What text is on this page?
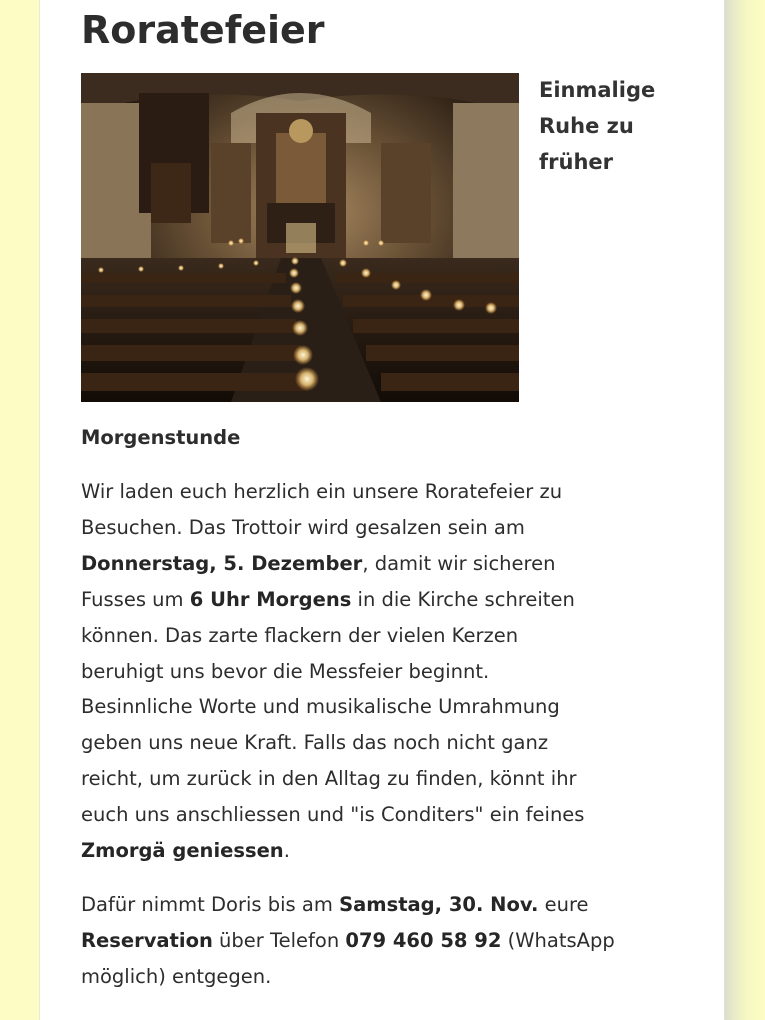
Roratefeier
Einmalige
Ruhe zu
früher
Morgenstunde
Wir laden euch herzlich ein unsere Roratefeier zu
Besuchen. Das Trottoir wird gesalzen sein am
Donnerstag, 5. Dezember, damit wir sicheren
Fusses um 6 Uhr Morgens in die Kirche schreiten
können. Das zarte flackern der vielen Kerzen
beruhigt uns bevor die Messfeier beginnt.
Besinnliche Worte und musikalische Umrahmung
geben uns neue Kraft. Falls das noch nicht ganz
reicht, um zurück in den Alltag zu finden, könnt ihr
euch uns anschliessen und "is Conditers" ein feines
Zmorgä geniessen.
Dafür nimmt Doris bis am Samstag, 30. Nov. eure
Reservation über Telefon 079 460 58 92 (WhatsApp
möglich) entgegen.
